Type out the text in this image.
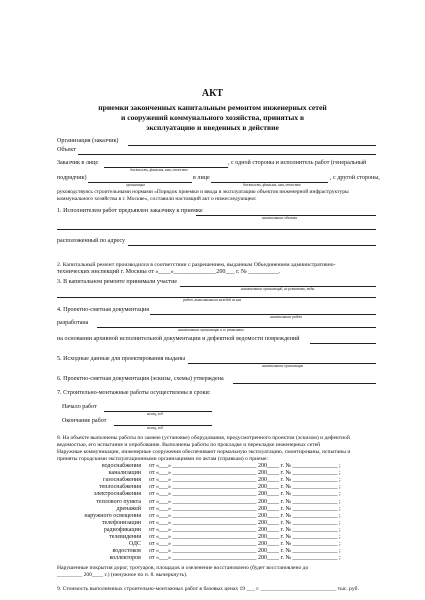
АКТ
приемки законченных капитальным ремонтом инженерных сетей
и сооружений коммунального хозяйства, принятых в
эксплуатацию и введенных в действие
Организация (заказчик)
Объект
Заказчик в лице	, с одной стороны и исполнитель работ (генеральный
должность, фамилия, имя, отчество
подрядчик)	в лице	, с другой стороны,
организация	должность, фамилия, имя, отчество
руководствуясь строительными нормами «Порядок приемки и ввода в эксплуатацию объектов инженерной инфраструктуры
коммунального хозяйства в г. Москве», составили настоящий акт о нижеследующем:
1. Исполнителем работ предъявлен заказчику к приемке
наименование объекта
расположенный по адресу
2. Капитальный ремонт производился в соответствии с разрешением, выданным Объединением административно-
технических инспекций г. Москвы от «____»______________200___ г. № __________.
3. В капитальном ремонте принимали участие
наименование организаций, их реквизиты, виды
работ, выполнявшихся каждой из них
4. Проектно-сметная документация
наименование работ
разработана
наименование организации и ее реквизиты
на основании архивной исполнительной документации и дефектной ведомости повреждений
5. Исходные данные для проектирования выданы
наименование организации
6. Проектно-сметная документация (эскизы, схемы) утверждена
7. Строительно-монтажные работы осуществлены в сроки:
Начало работ
месяц, год
Окончание работ
месяц, год
8. На объекте выполнены работы по замене (установке) оборудования, предусмотренного проектом (эскизом) и дефектной
ведомостью, его испытание и опробование. Выполнены работы по прокладке и перекладке инженерных сетей
Наружные коммуникации, инженерные сооружения обеспечивают нормальную эксплуатацию, смонтированы, испытаны и
приняты городскими эксплуатационными организациями по актам (справкам) о приеме:
водоснабжения от «___» ____________________________ 200____ г. № _______________ ;
канализации от «___» ____________________________ 200____ г. № _______________ ;
газоснабжения от «___» ____________________________ 200____ г. № _______________ ;
теплоснабжения от «___» ____________________________ 200____ г. № _______________ ;
электроснабжения от «___» ____________________________ 200____ г. № _______________ ;
теплового пункта от «___» ____________________________ 200____ г. № _______________ ;
дренажей от «___» ____________________________ 200____ г. № _______________ ;
наружного освещения от «___» ____________________________ 200____ г. № _______________ ;
телефонизации от «___» ____________________________ 200____ г. № _______________ ;
радиофикации от «___» ____________________________ 200____ г. № _______________ ;
телевидения от «___» ____________________________ 200____ г. № _______________ ;
ОДС от «___» ____________________________ 200____ г. № _______________ ;
водостоков от «___» ____________________________ 200____ г. № _______________ ;
коллекторов от «___» ____________________________ 200____ г. № _______________ ;
Нарушенные покрытия дорог, тротуаров, площадок и озеленение восстановлено (будет восстановлено до
_________ 200____ г.) (ненужное по п. 8. вычеркнуть).
9. Стоимость выполненных строительно-монтажных работ в базовых ценах 19 ___ г. ___________________________ тыс. руб.
